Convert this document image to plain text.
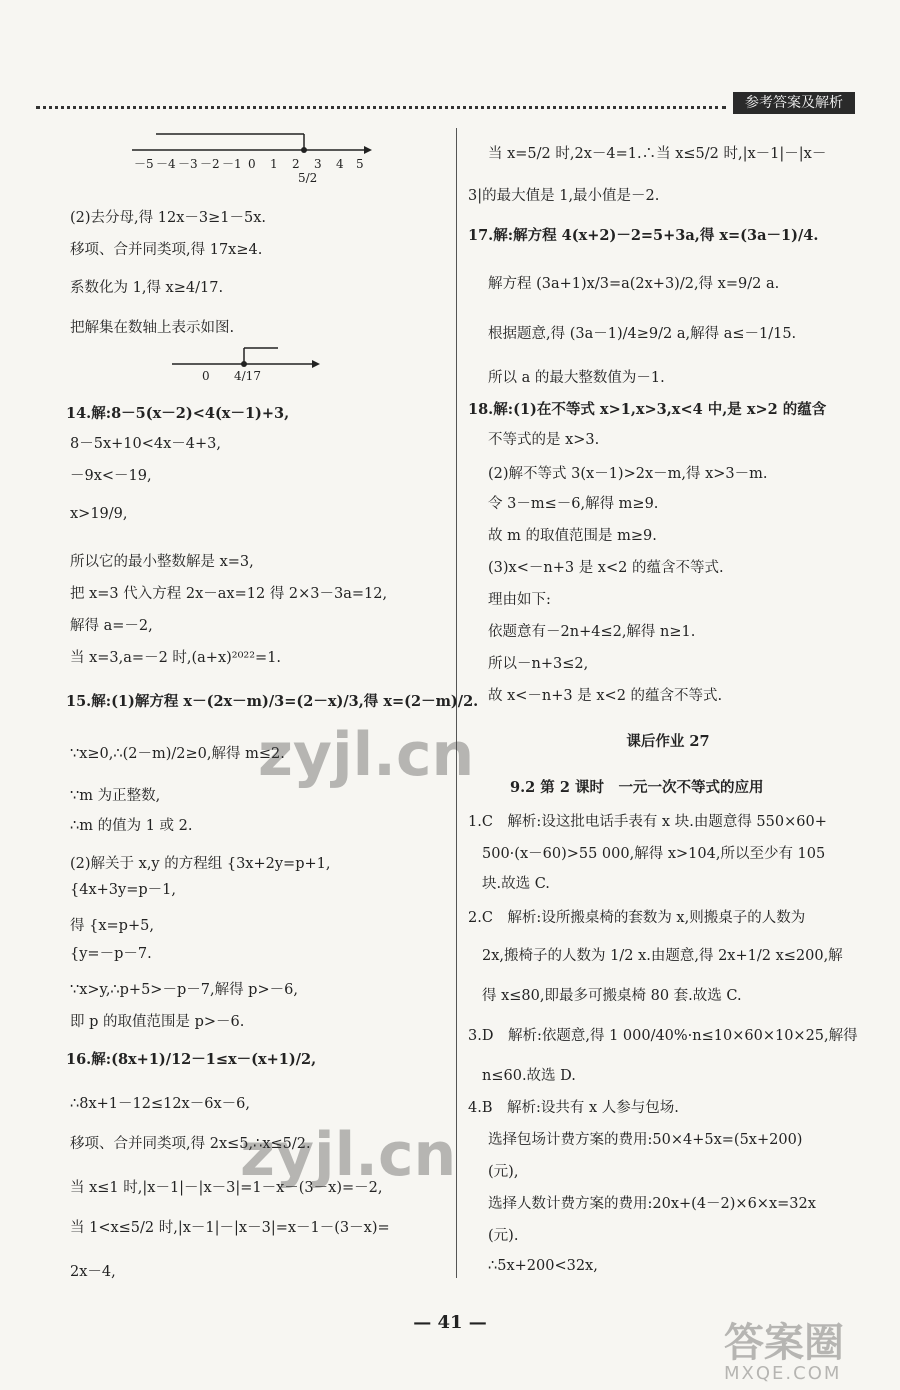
参考答案及解析
－5 －4 －3 －2 －1 0 1 2 3 4 5
5/2
0 4/17
(2)去分母,得 12x－3≥1－5x.
移项、合并同类项,得 17x≥4.
系数化为 1,得 x≥4/17.
把解集在数轴上表示如图.
14.解:8－5(x－2)<4(x－1)+3,
8－5x+10<4x－4+3,
－9x<－19,
x>19/9,
所以它的最小整数解是 x=3,
把 x=3 代入方程 2x－ax=12 得 2×3－3a=12,
解得 a=－2,
当 x=3,a=－2 时,(a+x)²⁰²²=1.
15.解:(1)解方程 x－(2x－m)/3=(2－x)/3,得 x=(2－m)/2.
∵x≥0,∴(2－m)/2≥0,解得 m≤2.
∵m 为正整数,
∴m 的值为 1 或 2.
(2)解关于 x,y 的方程组 {3x+2y=p+1,
{4x+3y=p－1,
得 {x=p+5,
{y=－p－7.
∵x>y,∴p+5>－p－7,解得 p>－6,
即 p 的取值范围是 p>－6.
16.解:(8x+1)/12－1≤x－(x+1)/2,
∴8x+1－12≤12x－6x－6,
移项、合并同类项,得 2x≤5,∴x≤5/2.
当 x≤1 时,|x－1|－|x－3|=1－x－(3－x)=－2,
当 1<x≤5/2 时,|x－1|－|x－3|=x－1－(3－x)=
2x－4,
当 x=5/2 时,2x－4=1.∴当 x≤5/2 时,|x－1|－|x－
3|的最大值是 1,最小值是－2.
17.解:解方程 4(x+2)－2=5+3a,得 x=(3a－1)/4.
解方程 (3a+1)x/3=a(2x+3)/2,得 x=9/2 a.
根据题意,得 (3a－1)/4≥9/2 a,解得 a≤－1/15.
所以 a 的最大整数值为－1.
18.解:(1)在不等式 x>1,x>3,x<4 中,是 x>2 的蕴含
不等式的是 x>3.
(2)解不等式 3(x－1)>2x－m,得 x>3－m.
令 3－m≤－6,解得 m≥9.
故 m 的取值范围是 m≥9.
(3)x<－n+3 是 x<2 的蕴含不等式.
理由如下:
依题意有－2n+4≤2,解得 n≥1.
所以－n+3≤2,
故 x<－n+3 是 x<2 的蕴含不等式.
课后作业 27
9.2 第 2 课时　一元一次不等式的应用
1.C　解析:设这批电话手表有 x 块.由题意得 550×60+
500·(x－60)>55 000,解得 x>104,所以至少有 105
块.故选 C.
2.C　解析:设所搬桌椅的套数为 x,则搬桌子的人数为
2x,搬椅子的人数为 1/2 x.由题意,得 2x+1/2 x≤200,解
得 x≤80,即最多可搬桌椅 80 套.故选 C.
3.D　解析:依题意,得 1 000/40%·n≤10×60×10×25,解得
n≤60.故选 D.
4.B　解析:设共有 x 人参与包场.
选择包场计费方案的费用:50×4+5x=(5x+200)
(元),
选择人数计费方案的费用:20x+(4－2)×6×x=32x
(元).
∴5x+200<32x,
— 41 —
zyjl.cn
zyjl.cn
答案圈
MXQE.COM
